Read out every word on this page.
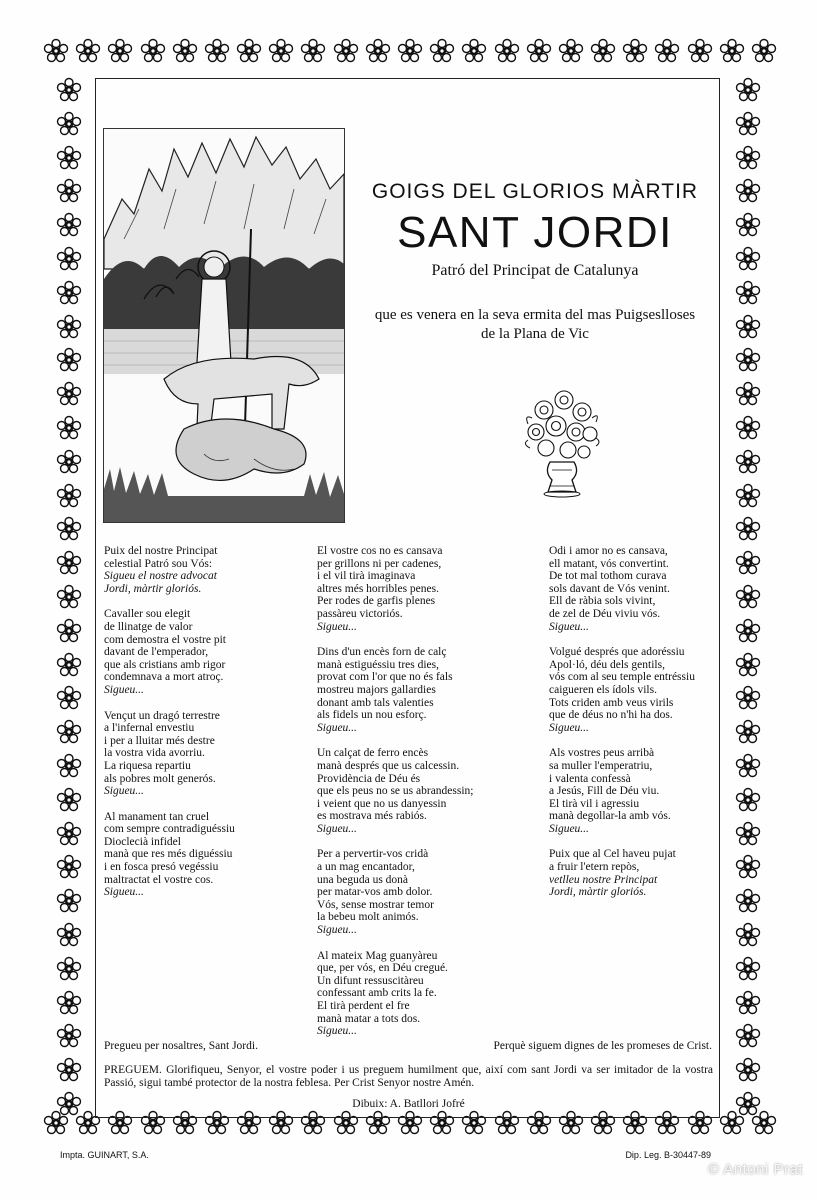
GOIGS DEL GLORIOS MÀRTIR
SANT JORDI
Patró del Principat de Catalunya
que es venera en la seva ermita del mas Puigseslloses
de la Plana de Vic
Puix del nostre Principat
celestial Patró sou Vós:
Sigueu el nostre advocat
Jordi, màrtir gloriós.
Cavaller sou elegit
de llinatge de valor
com demostra el vostre pit
davant de l'emperador,
que als cristians amb rigor
condemnava a mort atroç.
Sigueu...
Vençut un dragó terrestre
a l'infernal envestiu
i per a lluitar més destre
la vostra vida avorriu.
La riquesa repartiu
als pobres molt generós.
Sigueu...
Al manament tan cruel
com sempre contradiguéssiu
Dioclecià infidel
manà que res més diguéssiu
i en fosca presó vegéssiu
maltractat el vostre cos.
Sigueu...
El vostre cos no es cansava
per grillons ni per cadenes,
i el vil tirà imaginava
altres més horribles penes.
Per rodes de garfis plenes
passàreu victoriós.
Sigueu...
Dins d'un encès forn de calç
manà estiguéssiu tres dies,
provat com l'or que no és fals
mostreu majors gallardies
donant amb tals valenties
als fidels un nou esforç.
Sigueu...
Un calçat de ferro encès
manà després que us calcessin.
Providència de Déu és
que els peus no se us abrandessin;
i veient que no us danyessin
es mostrava més rabiós.
Sigueu...
Per a pervertir-vos cridà
a un mag encantador,
una beguda us donà
per matar-vos amb dolor.
Vós, sense mostrar temor
la bebeu molt animós.
Sigueu...
Al mateix Mag guanyàreu
que, per vós, en Déu cregué.
Un difunt ressuscitàreu
confessant amb crits la fe.
El tirà perdent el fre
manà matar a tots dos.
Sigueu...
Odi i amor no es cansava,
ell matant, vós convertint.
De tot mal tothom curava
sols davant de Vós venint.
Ell de ràbia sols vivint,
de zel de Déu viviu vós.
Sigueu...
Volgué després que adoréssiu
Apol·ló, déu dels gentils,
vós com al seu temple entréssiu
caigueren els ídols vils.
Tots criden amb veus virils
que de déus no n'hi ha dos.
Sigueu...
Als vostres peus arribà
sa muller l'emperatriu,
i valenta confessà
a Jesús, Fill de Déu viu.
El tirà vil i agressiu
manà degollar-la amb vós.
Sigueu...
Puix que al Cel haveu pujat
a fruir l'etern repòs,
vetlleu nostre Principat
Jordi, màrtir gloriós.
Pregueu per nosaltres, Sant Jordi.	Perquè siguem dignes de les promeses de Crist.
PREGUEM. Glorifiqueu, Senyor, el vostre poder i us preguem humilment que, així com sant Jordi va ser imitador de la vostra Passió, sigui també protector de la nostra feblesa. Per Crist Senyor nostre Amén.
Dibuix: A. Batllori Jofré
Impta. GUINART, S.A.	Dip. Leg. B-30447-89
© Antoni Prat
